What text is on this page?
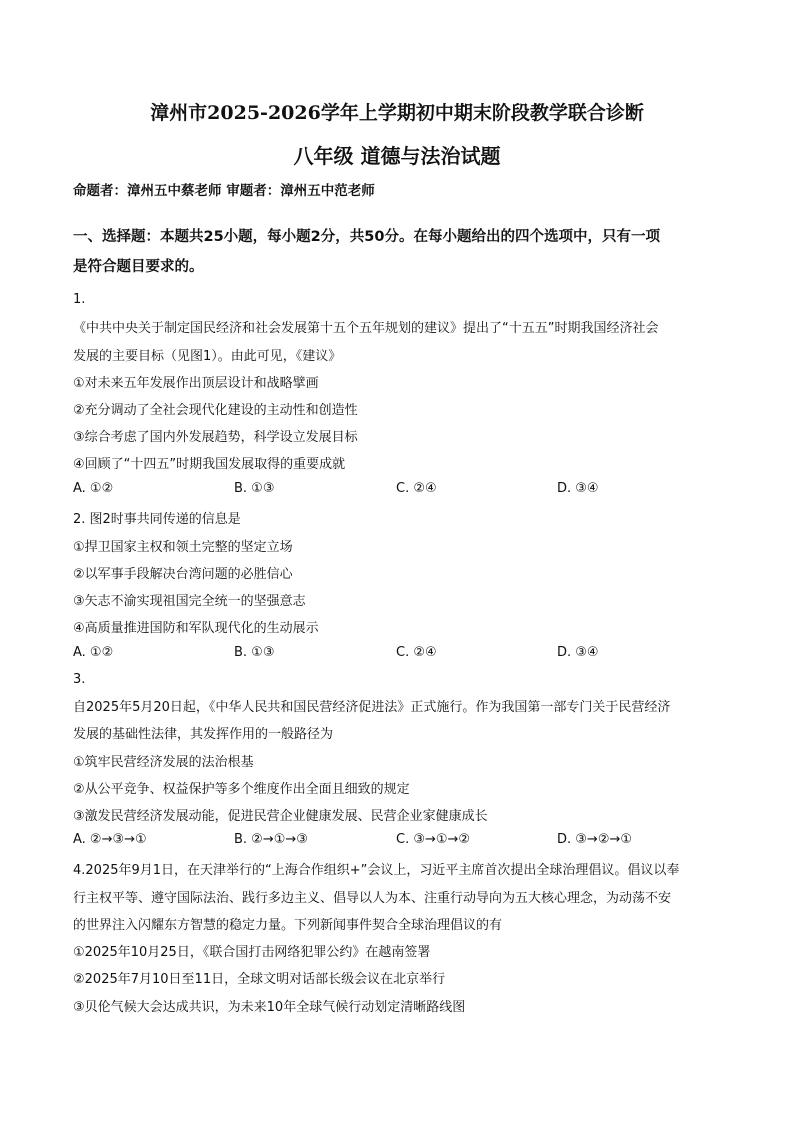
漳州市2025-2026学年上学期初中期末阶段教学联合诊断
八年级 道德与法治试题
命题者：漳州五中蔡老师 审题者：漳州五中范老师
一、选择题：本题共25小题，每小题2分，共50分。在每小题给出的四个选项中，只有一项
是符合题目要求的。
1.
《中共中央关于制定国民经济和社会发展第十五个五年规划的建议》提出了“十五五”时期我国经济社会
发展的主要目标（见图1）。由此可见，《建议》
①对未来五年发展作出顶层设计和战略擘画
②充分调动了全社会现代化建设的主动性和创造性
③综合考虑了国内外发展趋势，科学设立发展目标
④回顾了“十四五”时期我国发展取得的重要成就
A. ①②	B. ①③	C. ②④	D. ③④
2. 图2时事共同传递的信息是
①捍卫国家主权和领土完整的坚定立场
②以军事手段解决台湾问题的必胜信心
③矢志不渝实现祖国完全统一的坚强意志
④高质量推进国防和军队现代化的生动展示
A. ①②	B. ①③	C. ②④	D. ③④
3.
自2025年5月20日起，《中华人民共和国民营经济促进法》正式施行。作为我国第一部专门关于民营经济
发展的基础性法律，其发挥作用的一般路径为
①筑牢民营经济发展的法治根基
②从公平竞争、权益保护等多个维度作出全面且细致的规定
③激发民营经济发展动能，促进民营企业健康发展、民营企业家健康成长
A. ②→③→①	B. ②→①→③	C. ③→①→②	D. ③→②→①
4.2025年9月1日，在天津举行的“上海合作组织+”会议上，习近平主席首次提出全球治理倡议。倡议以奉
行主权平等、遵守国际法治、践行多边主义、倡导以人为本、注重行动导向为五大核心理念，为动荡不安
的世界注入闪耀东方智慧的稳定力量。下列新闻事件契合全球治理倡议的有
①2025年10月25日，《联合国打击网络犯罪公约》在越南签署
②2025年7月10日至11日，全球文明对话部长级会议在北京举行
③贝伦气候大会达成共识，为未来10年全球气候行动划定清晰路线图
